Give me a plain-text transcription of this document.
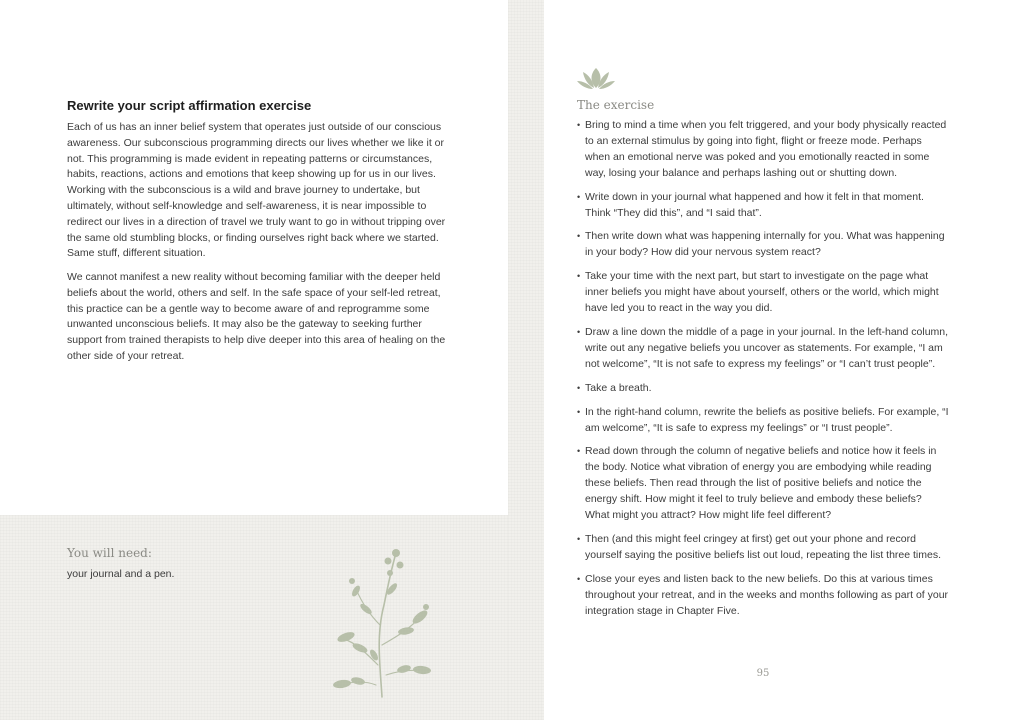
Rewrite your script affirmation exercise

Each of us has an inner belief system that operates just outside of our conscious awareness. Our subconscious programming directs our lives whether we like it or not. This programming is made evident in repeating patterns or circumstances, habits, reactions, actions and emotions that keep showing up for us in our lives. Working with the subconscious is a wild and brave journey to undertake, but ultimately, without self-knowledge and self-awareness, it is near impossible to redirect our lives in a direction of travel we truly want to go in without tripping over the same old stumbling blocks, or finding ourselves right back where we started. Same stuff, different situation.

We cannot manifest a new reality without becoming familiar with the deeper held beliefs about the world, others and self. In the safe space of your self-led retreat, this practice can be a gentle way to become aware of and reprogramme some unwanted unconscious beliefs. It may also be the gateway to seeking further support from trained therapists to help dive deeper into this area of healing on the other side of your retreat.

You will need:

your journal and a pen.

The exercise

• Bring to mind a time when you felt triggered, and your body physically reacted to an external stimulus by going into fight, flight or freeze mode. Perhaps when an emotional nerve was poked and you emotionally reacted in some way, losing your balance and perhaps lashing out or shutting down.
• Write down in your journal what happened and how it felt in that moment. Think “They did this”, and “I said that”.
• Then write down what was happening internally for you. What was happening in your body? How did your nervous system react?
• Take your time with the next part, but start to investigate on the page what inner beliefs you might have about yourself, others or the world, which might have led you to react in the way you did.
• Draw a line down the middle of a page in your journal. In the left-hand column, write out any negative beliefs you uncover as statements. For example, “I am not welcome”, “It is not safe to express my feelings” or “I can’t trust people”.
• Take a breath.
• In the right-hand column, rewrite the beliefs as positive beliefs. For example, “I am welcome”, “It is safe to express my feelings” or “I trust people”.
• Read down through the column of negative beliefs and notice how it feels in the body. Notice what vibration of energy you are embodying while reading these beliefs. Then read through the list of positive beliefs and notice the energy shift. How might it feel to truly believe and embody these beliefs? What might you attract? How might life feel different?
• Then (and this might feel cringey at first) get out your phone and record yourself saying the positive beliefs list out loud, repeating the list three times.
• Close your eyes and listen back to the new beliefs. Do this at various times throughout your retreat, and in the weeks and months following as part of your integration stage in Chapter Five.
95
